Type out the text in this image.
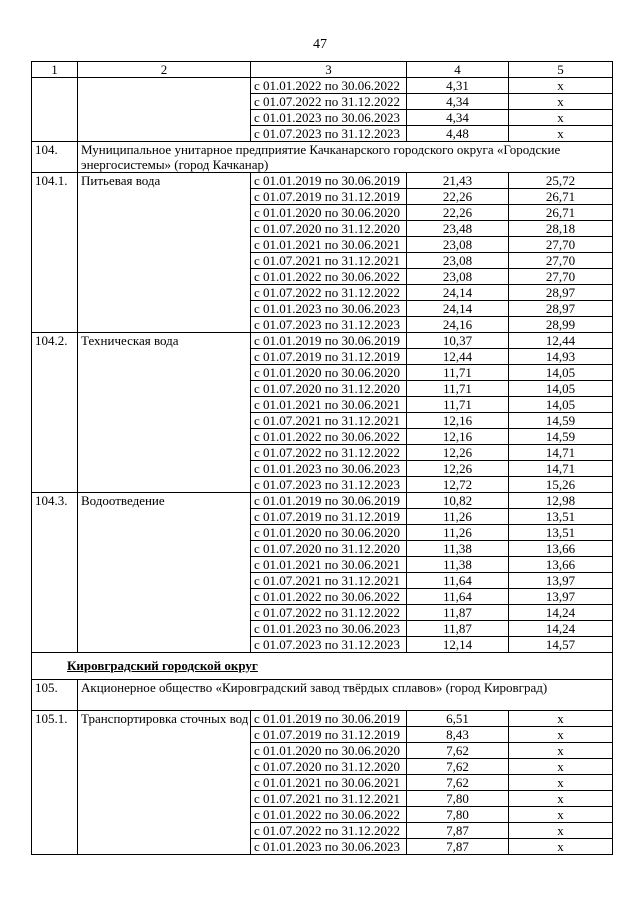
47
1	2	3	4	5
		с 01.01.2022 по 30.06.2022	4,31	х
		с 01.07.2022 по 31.12.2022	4,34	х
		с 01.01.2023 по 30.06.2023	4,34	х
		с 01.07.2023 по 31.12.2023	4,48	х
104.	Муниципальное унитарное предприятие Качканарского городского округа «Городские энергосистемы» (город Качканар)			
104.1.	Питьевая вода	с 01.01.2019 по 30.06.2019	21,43	25,72
		с 01.07.2019 по 31.12.2019	22,26	26,71
		с 01.01.2020 по 30.06.2020	22,26	26,71
		с 01.07.2020 по 31.12.2020	23,48	28,18
		с 01.01.2021 по 30.06.2021	23,08	27,70
		с 01.07.2021 по 31.12.2021	23,08	27,70
		с 01.01.2022 по 30.06.2022	23,08	27,70
		с 01.07.2022 по 31.12.2022	24,14	28,97
		с 01.01.2023 по 30.06.2023	24,14	28,97
		с 01.07.2023 по 31.12.2023	24,16	28,99
104.2.	Техническая вода	с 01.01.2019 по 30.06.2019	10,37	12,44
		с 01.07.2019 по 31.12.2019	12,44	14,93
		с 01.01.2020 по 30.06.2020	11,71	14,05
		с 01.07.2020 по 31.12.2020	11,71	14,05
		с 01.01.2021 по 30.06.2021	11,71	14,05
		с 01.07.2021 по 31.12.2021	12,16	14,59
		с 01.01.2022 по 30.06.2022	12,16	14,59
		с 01.07.2022 по 31.12.2022	12,26	14,71
		с 01.01.2023 по 30.06.2023	12,26	14,71
		с 01.07.2023 по 31.12.2023	12,72	15,26
104.3.	Водоотведение	с 01.01.2019 по 30.06.2019	10,82	12,98
		с 01.07.2019 по 31.12.2019	11,26	13,51
		с 01.01.2020 по 30.06.2020	11,26	13,51
		с 01.07.2020 по 31.12.2020	11,38	13,66
		с 01.01.2021 по 30.06.2021	11,38	13,66
		с 01.07.2021 по 31.12.2021	11,64	13,97
		с 01.01.2022 по 30.06.2022	11,64	13,97
		с 01.07.2022 по 31.12.2022	11,87	14,24
		с 01.01.2023 по 30.06.2023	11,87	14,24
		с 01.07.2023 по 31.12.2023	12,14	14,57
Кировградский городской округ				
105.	Акционерное общество «Кировградский завод твёрдых сплавов» (город Кировград)			
105.1.	Транспортировка сточных вод	с 01.01.2019 по 30.06.2019	6,51	х
		с 01.07.2019 по 31.12.2019	8,43	х
		с 01.01.2020 по 30.06.2020	7,62	х
		с 01.07.2020 по 31.12.2020	7,62	х
		с 01.01.2021 по 30.06.2021	7,62	х
		с 01.07.2021 по 31.12.2021	7,80	х
		с 01.01.2022 по 30.06.2022	7,80	х
		с 01.07.2022 по 31.12.2022	7,87	х
		с 01.01.2023 по 30.06.2023	7,87	х
